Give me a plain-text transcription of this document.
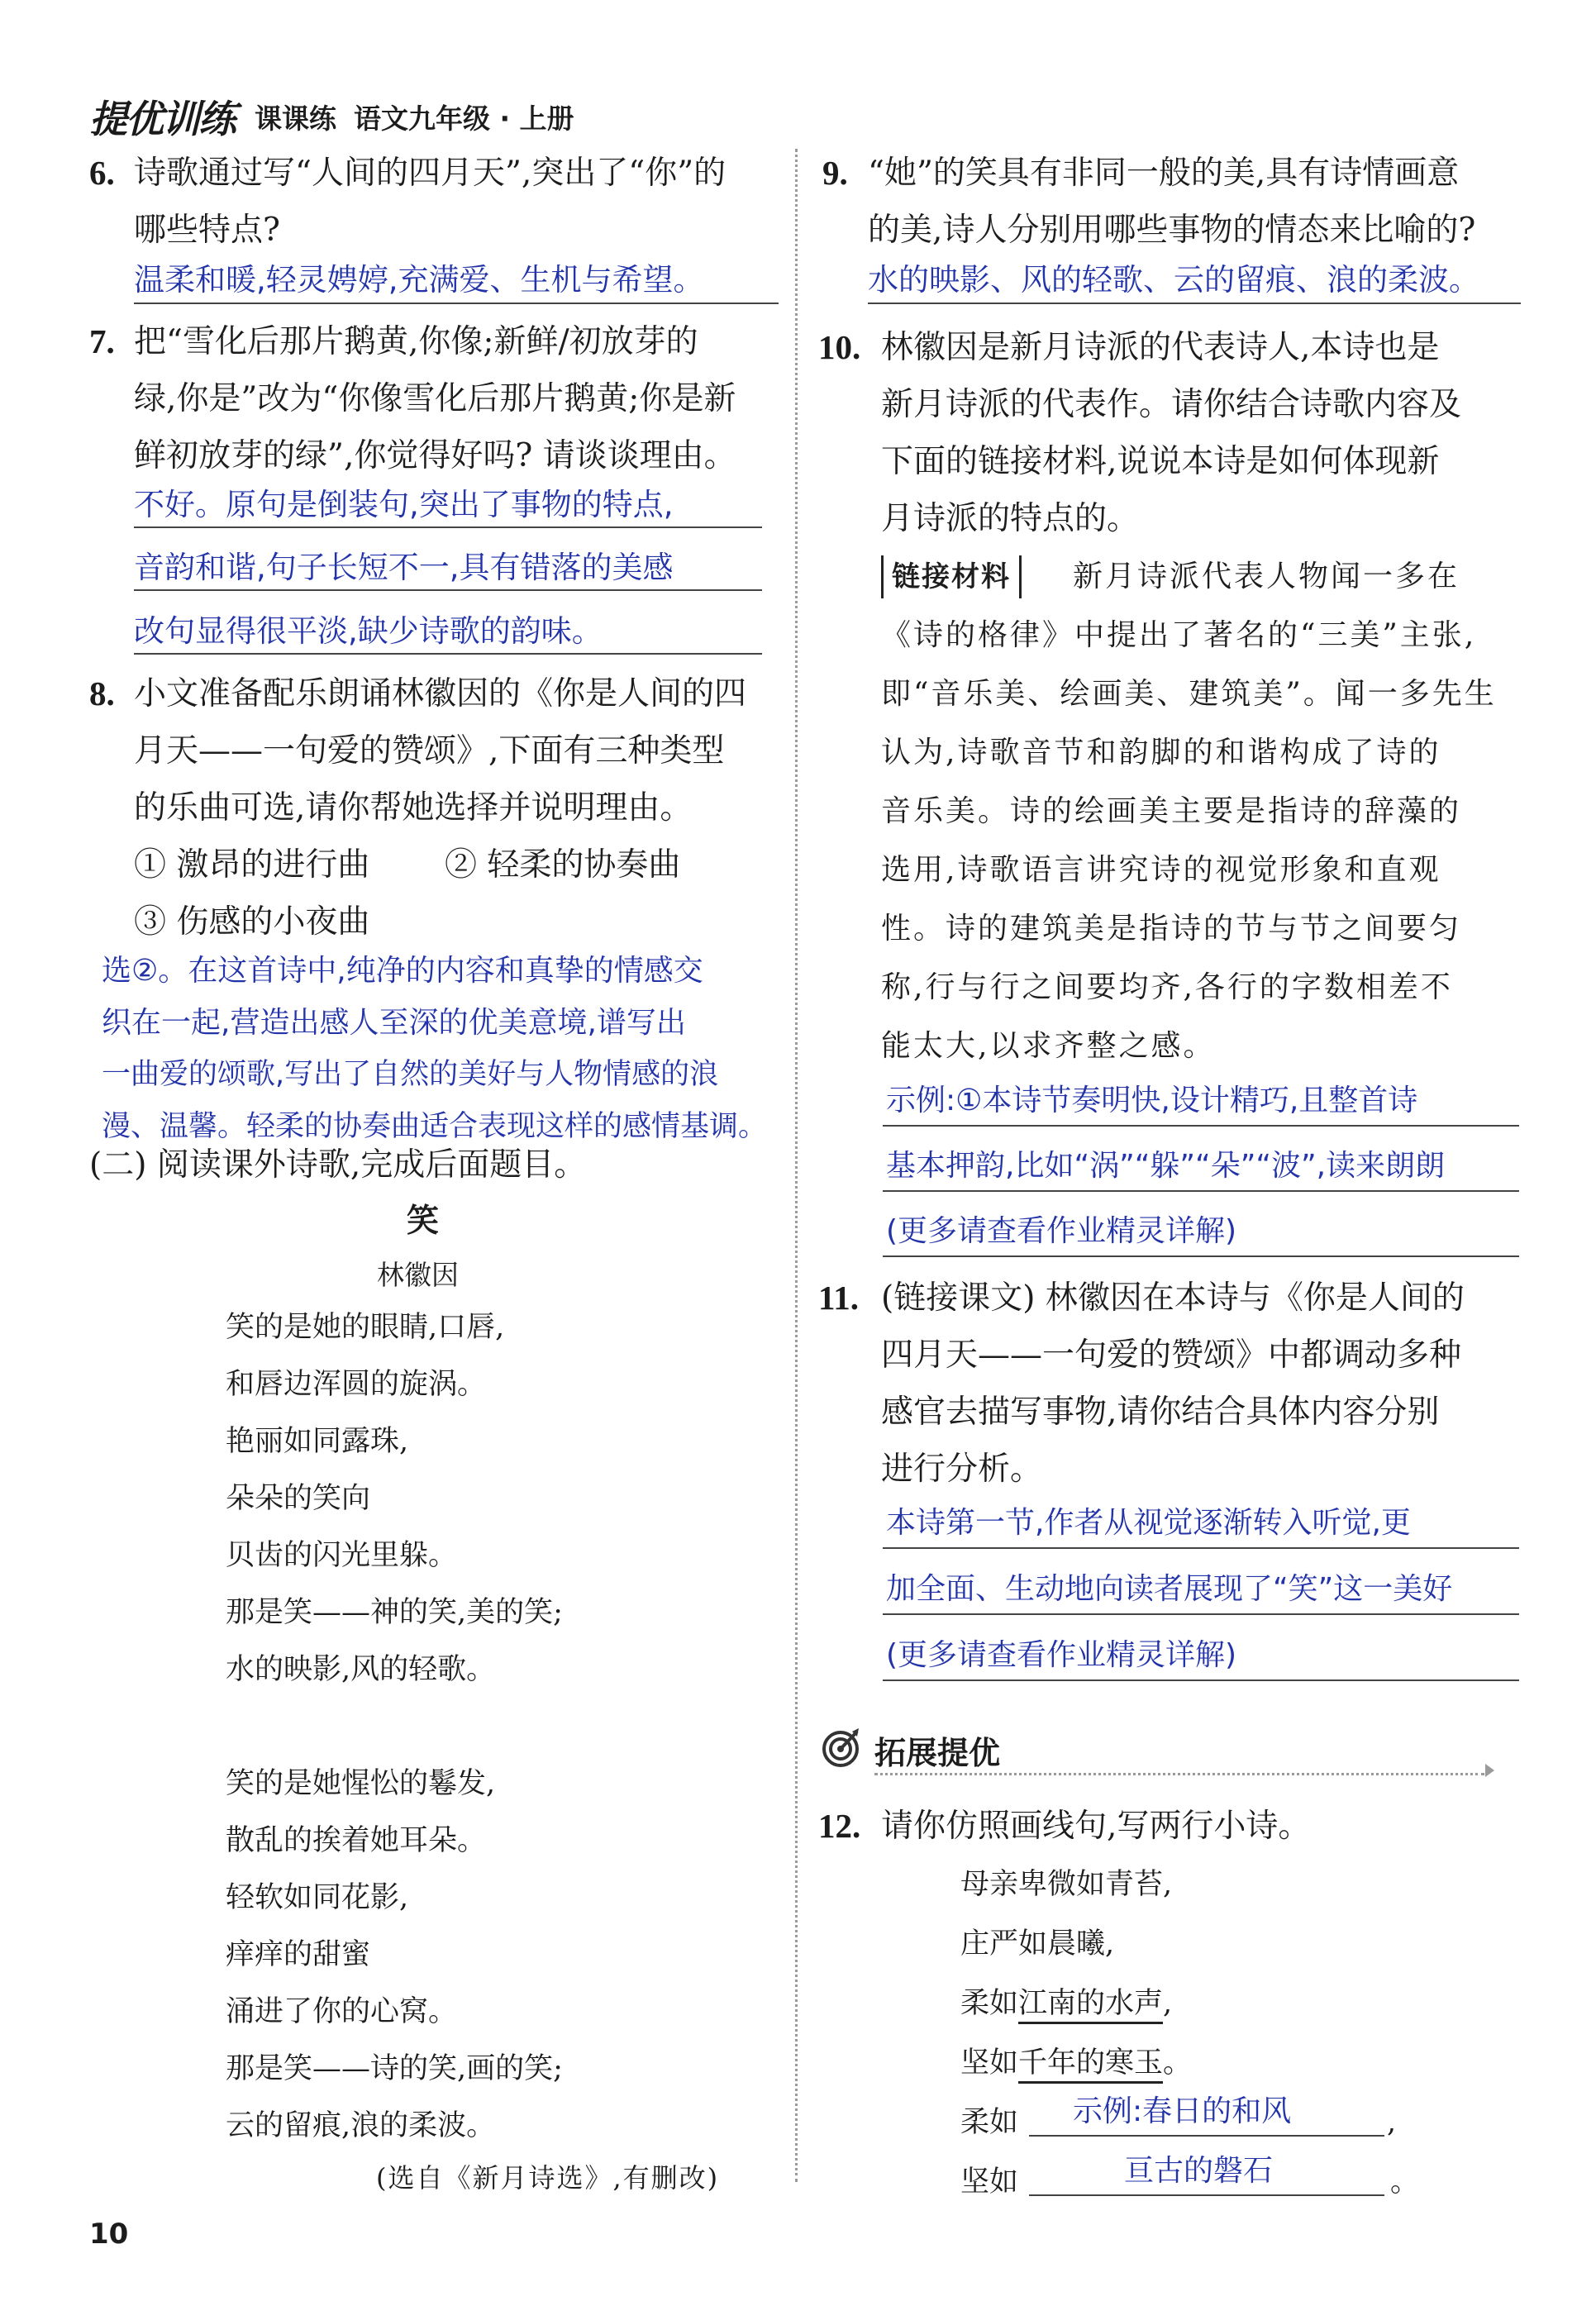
提优训练 课课练 语文九年级 · 上册
6. 诗歌通过写“人间的四月天”,突出了“你”的
哪些特点?
温柔和暖,轻灵娉婷,充满爱、生机与希望。
7. 把“雪化后那片鹅黄,你像;新鲜/初放芽的
绿,你是”改为“你像雪化后那片鹅黄;你是新
鲜初放芽的绿”,你觉得好吗? 请谈谈理由。
不好。原句是倒装句,突出了事物的特点,
音韵和谐,句子长短不一,具有错落的美感
改句显得很平淡,缺少诗歌的韵味。
8. 小文准备配乐朗诵林徽因的《你是人间的四
月天——一句爱的赞颂》,下面有三种类型
的乐曲可选,请你帮她选择并说明理由。
① 激昂的进行曲 ② 轻柔的协奏曲
③ 伤感的小夜曲
选②。在这首诗中,纯净的内容和真挚的情感交
织在一起,营造出感人至深的优美意境,谱写出
一曲爱的颂歌,写出了自然的美好与人物情感的浪
漫、温馨。轻柔的协奏曲适合表现这样的感情基调。
(二) 阅读课外诗歌,完成后面题目。
笑
林徽因
笑的是她的眼睛,口唇,
和唇边浑圆的旋涡。
艳丽如同露珠,
朵朵的笑向
贝齿的闪光里躲。
那是笑——神的笑,美的笑;
水的映影,风的轻歌。
笑的是她惺忪的鬈发,
散乱的挨着她耳朵。
轻软如同花影,
痒痒的甜蜜
涌进了你的心窝。
那是笑——诗的笑,画的笑;
云的留痕,浪的柔波。
(选自《新月诗选》,有删改)
9. “她”的笑具有非同一般的美,具有诗情画意
的美,诗人分别用哪些事物的情态来比喻的?
水的映影、风的轻歌、云的留痕、浪的柔波。
10. 林徽因是新月诗派的代表诗人,本诗也是
新月诗派的代表作。请你结合诗歌内容及
下面的链接材料,说说本诗是如何体现新
月诗派的特点的。
链接材料	新月诗派代表人物闻一多在
《诗的格律》中提出了著名的“三美”主张,
即“音乐美、绘画美、建筑美”。闻一多先生
认为,诗歌音节和韵脚的和谐构成了诗的
音乐美。诗的绘画美主要是指诗的辞藻的
选用,诗歌语言讲究诗的视觉形象和直观
性。诗的建筑美是指诗的节与节之间要匀
称,行与行之间要均齐,各行的字数相差不
能太大,以求齐整之感。
示例:①本诗节奏明快,设计精巧,且整首诗
基本押韵,比如“涡”“躲”“朵”“波”,读来朗朗
(更多请查看作业精灵详解)
11. (链接课文) 林徽因在本诗与《你是人间的
四月天——一句爱的赞颂》中都调动多种
感官去描写事物,请你结合具体内容分别
进行分析。
本诗第一节,作者从视觉逐渐转入听觉,更
加全面、生动地向读者展现了“笑”这一美好
(更多请查看作业精灵详解)
拓展提优
12. 请你仿照画线句,写两行小诗。
母亲卑微如青苔,
庄严如晨曦,
柔如江南的水声,
坚如千年的寒玉。
柔如 示例:春日的和风	,
坚如	亘古的磐石	。
10
